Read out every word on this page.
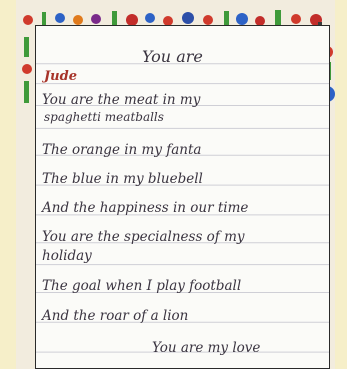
You are
Jude
You are the meat in my
spaghetti meatballs
The orange in my fanta
The blue in my bluebell
And the happiness in our time
You are the specialness of my
holiday
The goal when I play football
And the roar of a lion
You are my love
